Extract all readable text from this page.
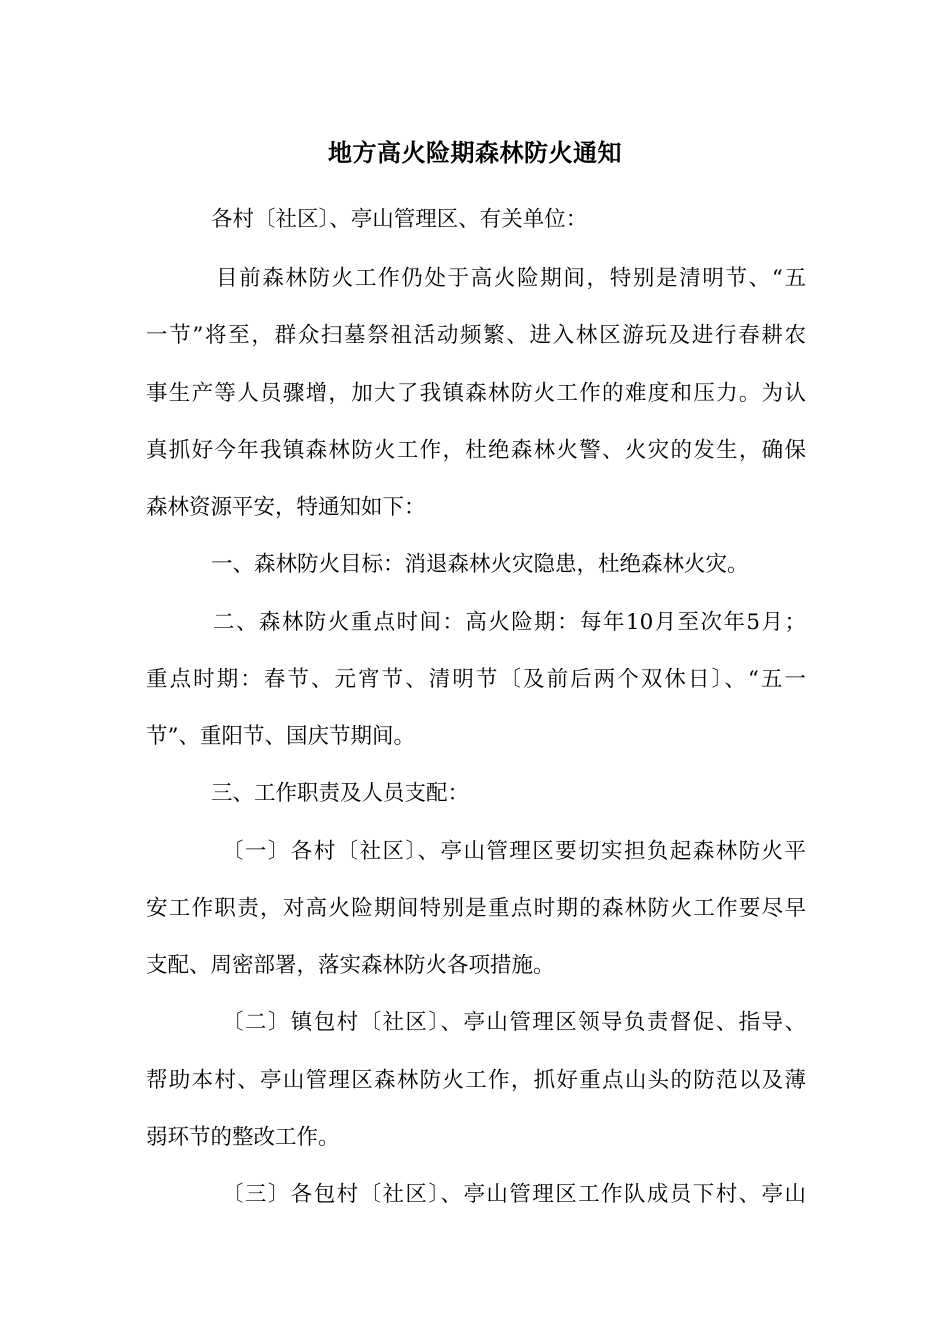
地方高火险期森林防火通知
各村〔社区〕、亭山管理区、有关单位：
目前森林防火工作仍处于高火险期间，特别是清明节、“五
一节”将至，群众扫墓祭祖活动频繁、进入林区游玩及进行春耕农
事生产等人员骤增，加大了我镇森林防火工作的难度和压力。为认
真抓好今年我镇森林防火工作，杜绝森林火警、火灾的发生，确保
森林资源平安，特通知如下：
一、森林防火目标：消退森林火灾隐患，杜绝森林火灾。
二、森林防火重点时间：高火险期：每年10月至次年5月；
重点时期：春节、元宵节、清明节〔及前后两个双休日〕、“五一
节”、重阳节、国庆节期间。
三、工作职责及人员支配：
〔一〕各村〔社区〕、亭山管理区要切实担负起森林防火平
安工作职责，对高火险期间特别是重点时期的森林防火工作要尽早
支配、周密部署，落实森林防火各项措施。
〔二〕镇包村〔社区〕、亭山管理区领导负责督促、指导、
帮助本村、亭山管理区森林防火工作，抓好重点山头的防范以及薄
弱环节的整改工作。
〔三〕各包村〔社区〕、亭山管理区工作队成员下村、亭山
